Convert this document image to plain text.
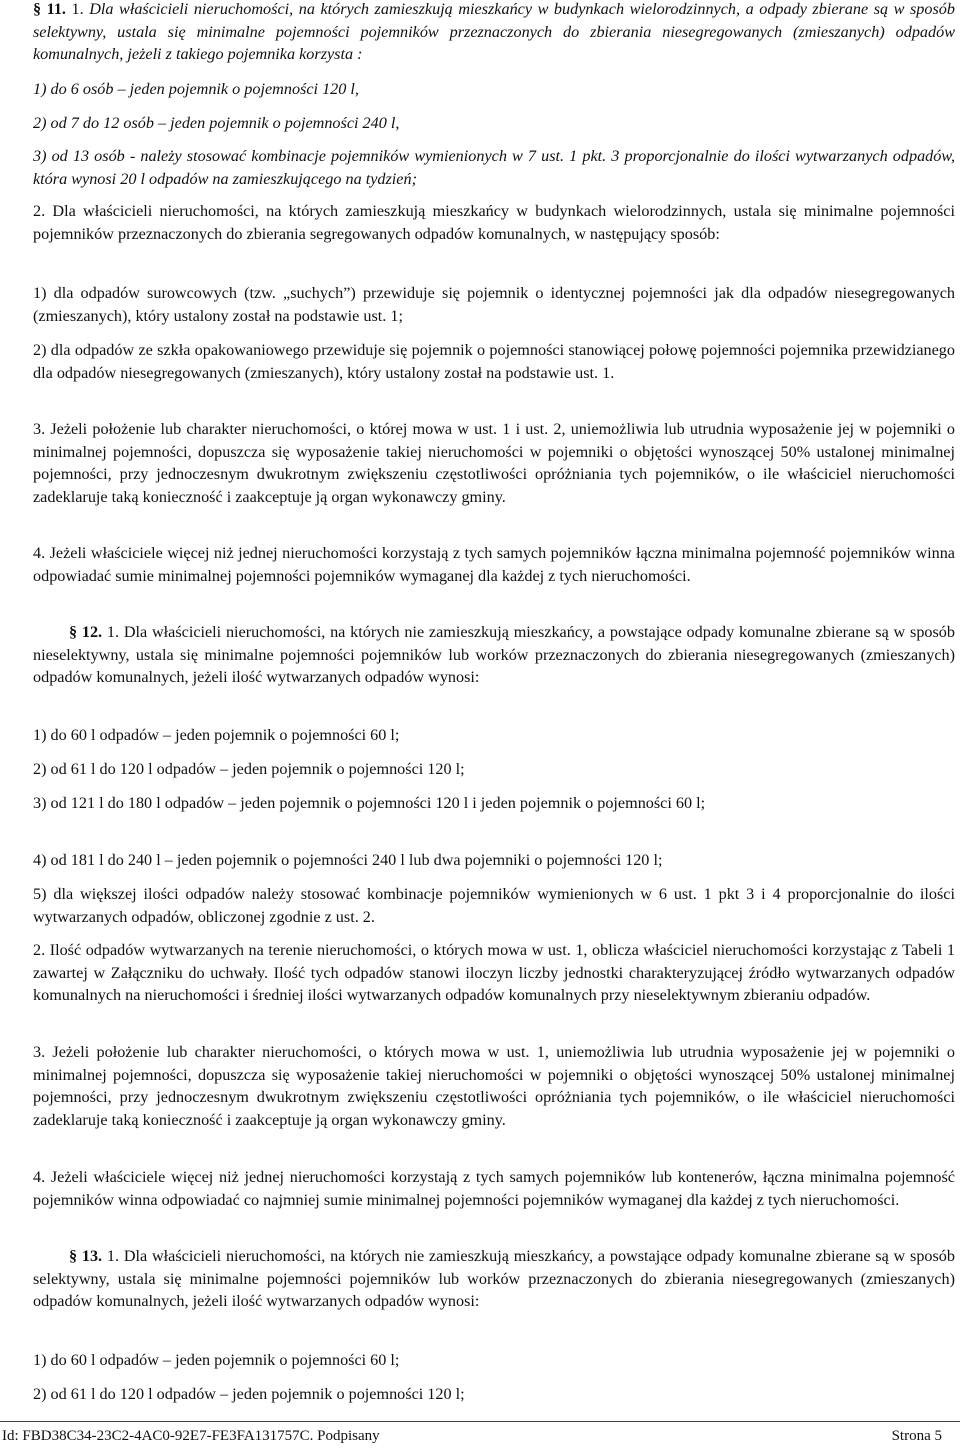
§ 11. 1. Dla właścicieli nieruchomości, na których zamieszkują mieszkańcy w budynkach wielorodzinnych, a odpady zbierane są w sposób selektywny, ustala się minimalne pojemności pojemników przeznaczonych do zbierania niesegregowanych (zmieszanych) odpadów komunalnych, jeżeli z takiego pojemnika korzysta :

1) do 6 osób – jeden pojemnik o pojemności 120 l,

2) od 7 do 12 osób – jeden pojemnik o pojemności 240 l,

3) od 13 osób - należy stosować kombinacje pojemników wymienionych w 7 ust. 1 pkt. 3 proporcjonalnie do ilości wytwarzanych odpadów, która wynosi 20 l odpadów na zamieszkującego na tydzień;

2. Dla właścicieli nieruchomości, na których zamieszkują mieszkańcy w budynkach wielorodzinnych, ustala się minimalne pojemności pojemników przeznaczonych do zbierania segregowanych odpadów komunalnych, w następujący sposób:

1) dla odpadów surowcowych (tzw. „suchych”) przewiduje się pojemnik o identycznej pojemności jak dla odpadów niesegregowanych (zmieszanych), który ustalony został na podstawie ust. 1;

2) dla odpadów ze szkła opakowaniowego przewiduje się pojemnik o pojemności stanowiącej połowę pojemności pojemnika przewidzianego dla odpadów niesegregowanych (zmieszanych), który ustalony został na podstawie ust. 1.

3. Jeżeli położenie lub charakter nieruchomości, o której mowa w ust. 1 i ust. 2, uniemożliwia lub utrudnia wyposażenie jej w pojemniki o minimalnej pojemności, dopuszcza się wyposażenie takiej nieruchomości w pojemniki o objętości wynoszącej 50% ustalonej minimalnej pojemności, przy jednoczesnym dwukrotnym zwiększeniu częstotliwości opróżniania tych pojemników, o ile właściciel nieruchomości zadeklaruje taką konieczność i zaakceptuje ją organ wykonawczy gminy.

4. Jeżeli właściciele więcej niż jednej nieruchomości korzystają z tych samych pojemników łączna minimalna pojemność pojemników winna odpowiadać sumie minimalnej pojemności pojemników wymaganej dla każdej z tych nieruchomości.

§ 12. 1. Dla właścicieli nieruchomości, na których nie zamieszkują mieszkańcy, a powstające odpady komunalne zbierane są w sposób nieselektywny, ustala się minimalne pojemności pojemników lub worków przeznaczonych do zbierania niesegregowanych (zmieszanych) odpadów komunalnych, jeżeli ilość wytwarzanych odpadów wynosi:

1) do 60 l odpadów – jeden pojemnik o pojemności 60 l;

2) od 61 l do 120 l odpadów – jeden pojemnik o pojemności 120 l;

3) od 121 l do 180 l odpadów – jeden pojemnik o pojemności 120 l i jeden pojemnik o pojemności 60 l;

4) od 181 l do 240 l – jeden pojemnik o pojemności 240 l lub dwa pojemniki o pojemności 120 l;

5) dla większej ilości odpadów należy stosować kombinacje pojemników wymienionych w 6 ust. 1 pkt 3 i 4 proporcjonalnie do ilości wytwarzanych odpadów, obliczonej zgodnie z ust. 2.

2. Ilość odpadów wytwarzanych na terenie nieruchomości, o których mowa w ust. 1, oblicza właściciel nieruchomości korzystając z Tabeli 1 zawartej w Załączniku do uchwały. Ilość tych odpadów stanowi iloczyn liczby jednostki charakteryzującej źródło wytwarzanych odpadów komunalnych na nieruchomości i średniej ilości wytwarzanych odpadów komunalnych przy nieselektywnym zbieraniu odpadów.

3. Jeżeli położenie lub charakter nieruchomości, o których mowa w ust. 1, uniemożliwia lub utrudnia wyposażenie jej w pojemniki o minimalnej pojemności, dopuszcza się wyposażenie takiej nieruchomości w pojemniki o objętości wynoszącej 50% ustalonej minimalnej pojemności, przy jednoczesnym dwukrotnym zwiększeniu częstotliwości opróżniania tych pojemników, o ile właściciel nieruchomości zadeklaruje taką konieczność i zaakceptuje ją organ wykonawczy gminy.

4. Jeżeli właściciele więcej niż jednej nieruchomości korzystają z tych samych pojemników lub kontenerów, łączna minimalna pojemność pojemników winna odpowiadać co najmniej sumie minimalnej pojemności pojemników wymaganej dla każdej z tych nieruchomości.

§ 13. 1. Dla właścicieli nieruchomości, na których nie zamieszkują mieszkańcy, a powstające odpady komunalne zbierane są w sposób selektywny, ustala się minimalne pojemności pojemników lub worków przeznaczonych do zbierania niesegregowanych (zmieszanych) odpadów komunalnych, jeżeli ilość wytwarzanych odpadów wynosi:

1) do 60 l odpadów – jeden pojemnik o pojemności 60 l;

2) od 61 l do 120 l odpadów – jeden pojemnik o pojemności 120 l;

Id: FBD38C34-23C2-4AC0-92E7-FE3FA131757C. Podpisany	Strona 5
